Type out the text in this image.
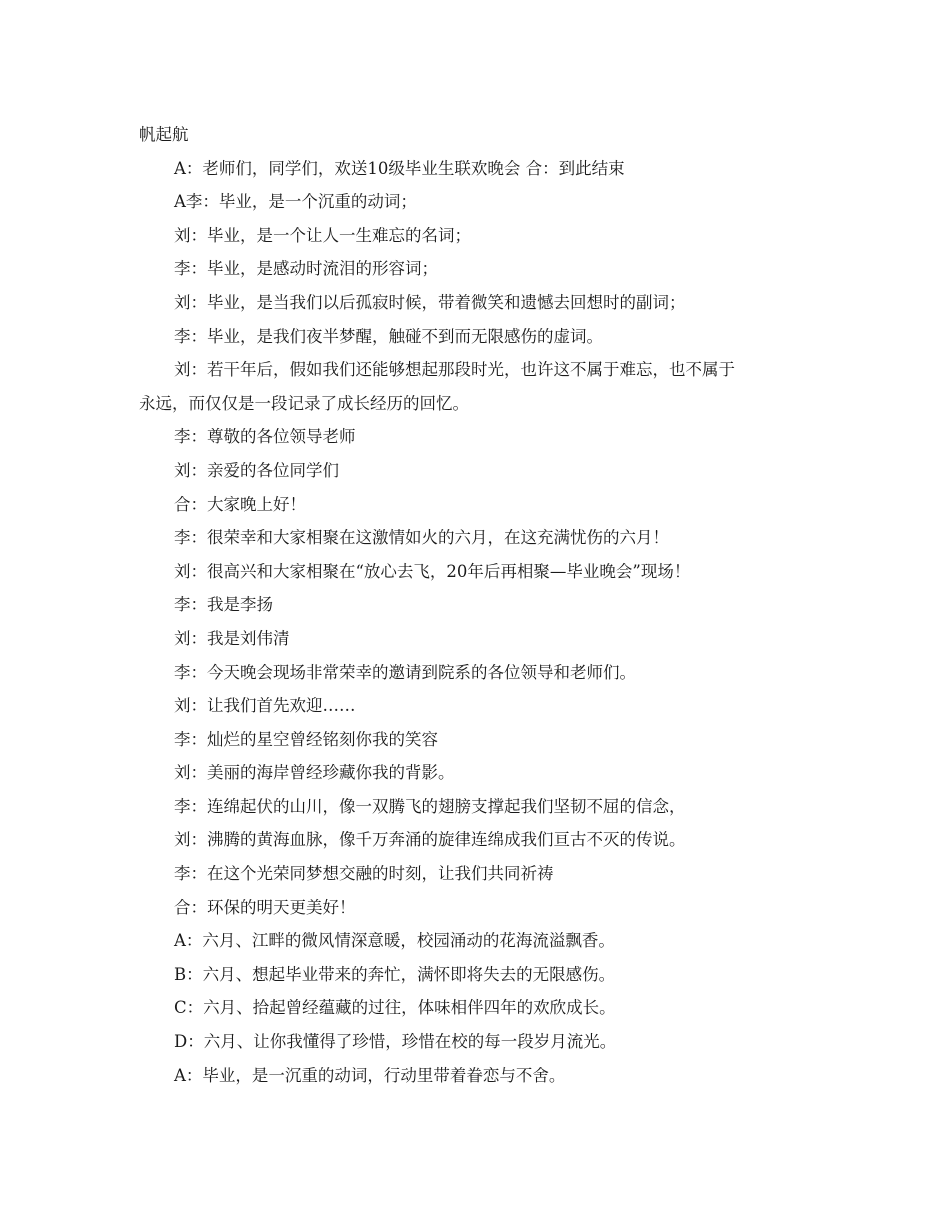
帆起航

A：老师们，同学们，欢送10级毕业生联欢晚会 合：到此结束

A李：毕业，是一个沉重的动词；

刘：毕业，是一个让人一生难忘的名词；

李：毕业，是感动时流泪的形容词；

刘：毕业，是当我们以后孤寂时候，带着微笑和遗憾去回想时的副词；

李：毕业，是我们夜半梦醒，触碰不到而无限感伤的虚词。

刘：若干年后，假如我们还能够想起那段时光，也许这不属于难忘，也不属于

永远，而仅仅是一段记录了成长经历的回忆。

李：尊敬的各位领导老师

刘：亲爱的各位同学们

合：大家晚上好！

李：很荣幸和大家相聚在这激情如火的六月，在这充满忧伤的六月！

刘：很高兴和大家相聚在“放心去飞，20年后再相聚—毕业晚会”现场！

李：我是李扬

刘：我是刘伟清

李：今天晚会现场非常荣幸的邀请到院系的各位领导和老师们。

刘：让我们首先欢迎……

李：灿烂的星空曾经铭刻你我的笑容

刘：美丽的海岸曾经珍藏你我的背影。

李：连绵起伏的山川，像一双腾飞的翅膀支撑起我们坚韧不屈的信念，

刘：沸腾的黄海血脉，像千万奔涌的旋律连绵成我们亘古不灭的传说。

李：在这个光荣同梦想交融的时刻，让我们共同祈祷

合：环保的明天更美好！

A：六月、江畔的微风情深意暖，校园涌动的花海流溢飘香。

B：六月、想起毕业带来的奔忙，满怀即将失去的无限感伤。

C：六月、拾起曾经蕴藏的过往，体味相伴四年的欢欣成长。

D：六月、让你我懂得了珍惜，珍惜在校的每一段岁月流光。

A：毕业，是一沉重的动词，行动里带着眷恋与不舍。
